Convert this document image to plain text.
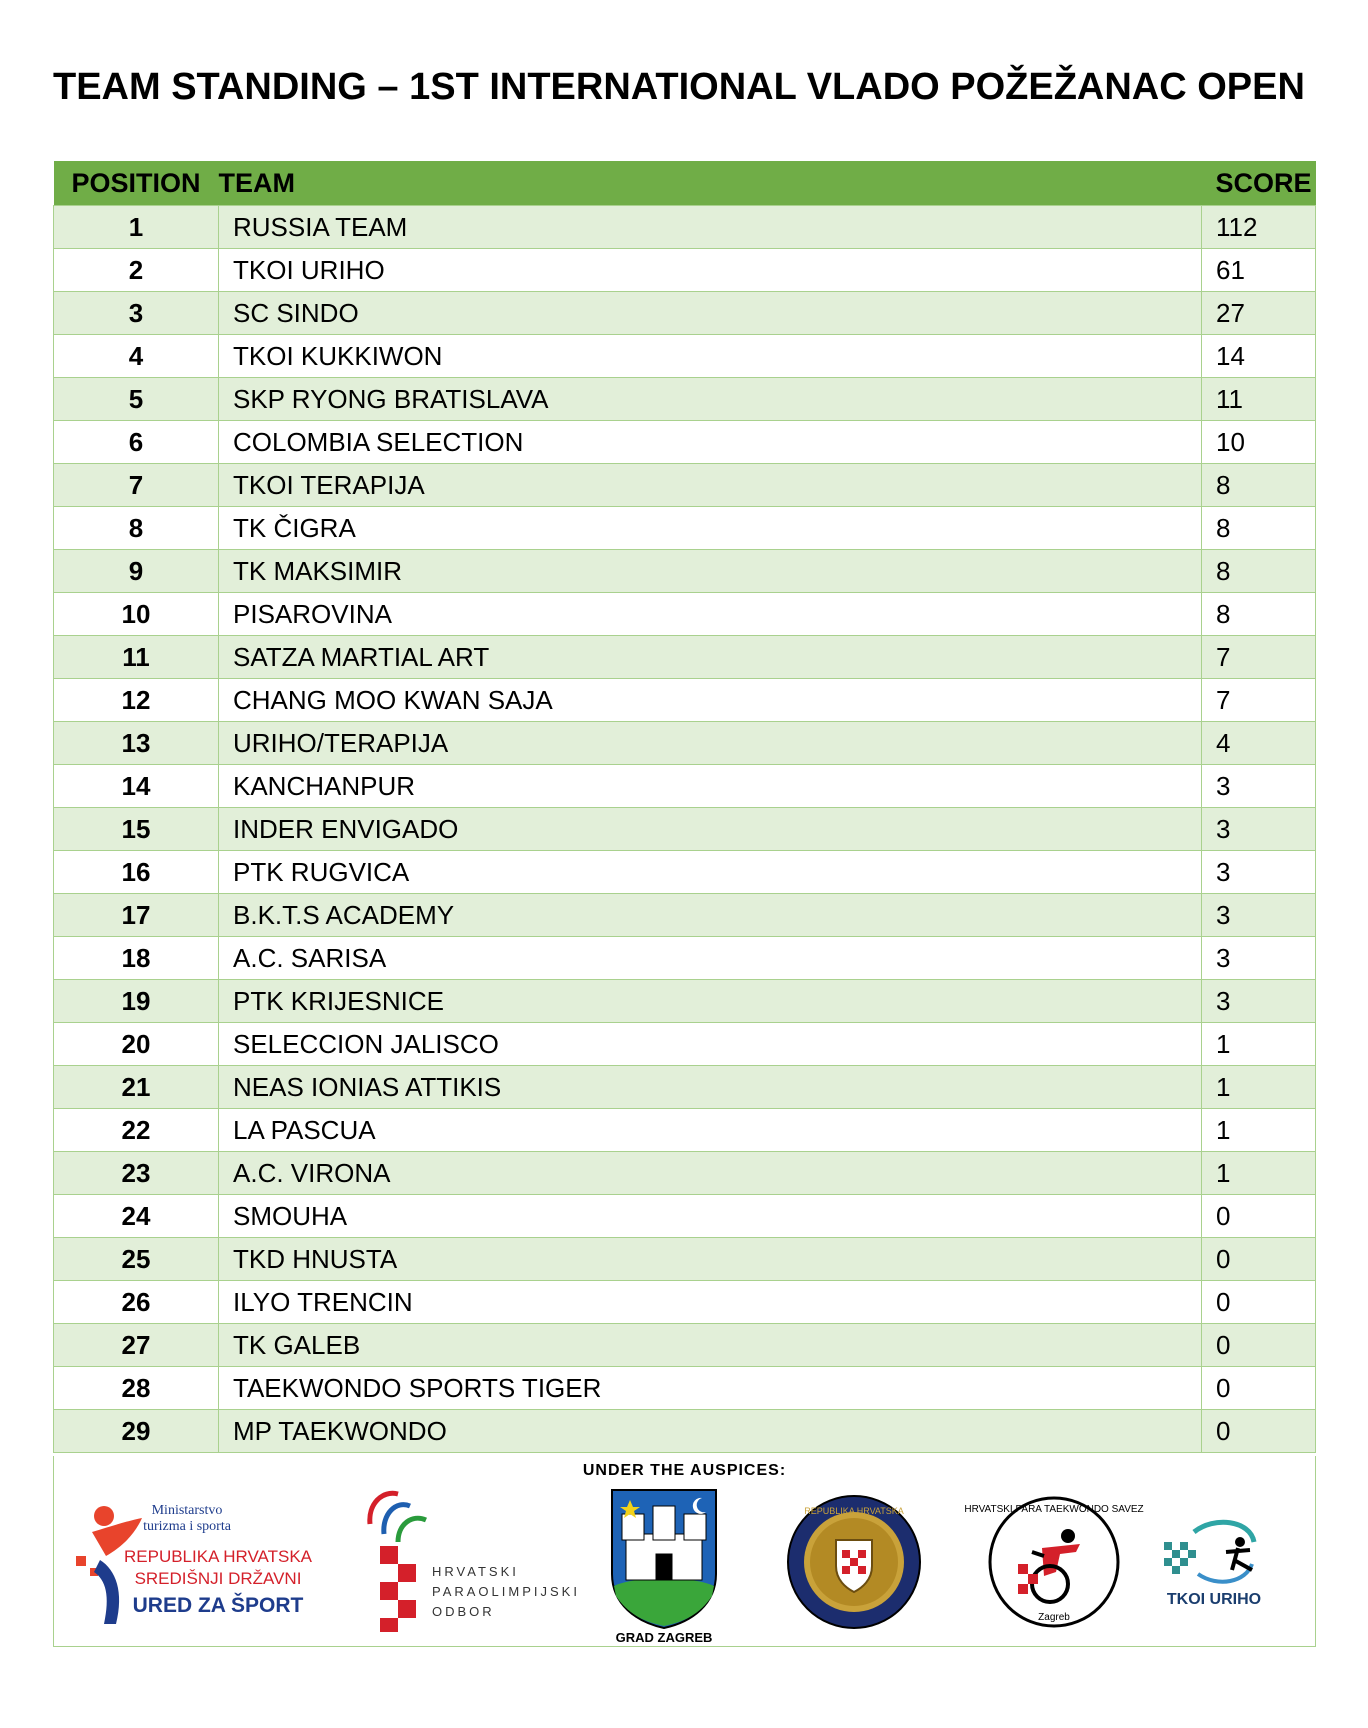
TEAM STANDING – 1ST INTERNATIONAL VLADO POŽEŽANAC OPEN
POSITION	TEAM	SCORE
1	RUSSIA TEAM	112
2	TKOI URIHO	61
3	SC SINDO	27
4	TKOI KUKKIWON	14
5	SKP RYONG BRATISLAVA	11
6	COLOMBIA SELECTION	10
7	TKOI TERAPIJA	8
8	TK ČIGRA	8
9	TK MAKSIMIR	8
10	PISAROVINA	8
11	SATZA MARTIAL ART	7
12	CHANG MOO KWAN SAJA	7
13	URIHO/TERAPIJA	4
14	KANCHANPUR	3
15	INDER ENVIGADO	3
16	PTK RUGVICA	3
17	B.K.T.S ACADEMY	3
18	A.C. SARISA	3
19	PTK KRIJESNICE	3
20	SELECCION JALISCO	1
21	NEAS IONIAS ATTIKIS	1
22	LA PASCUA	1
23	A.C. VIRONA	1
24	SMOUHA	0
25	TKD HNUSTA	0
26	ILYO TRENCIN	0
27	TK GALEB	0
28	TAEKWONDO SPORTS TIGER	0
29	MP TAEKWONDO	0
UNDER THE AUSPICES:
Ministarstvo
turizma i sporta
REPUBLIKA HRVATSKA
SREDIŠNJI DRŽAVNI
URED ZA ŠPORT
HRVATSKI
PARAOLIMPIJSKI
ODBOR
GRAD ZAGREB
REPUBLIKA HRVATSKA	HRVATSKI PARA TAEKWONDO SAVEZ
Zagreb
TKOI URIHO
